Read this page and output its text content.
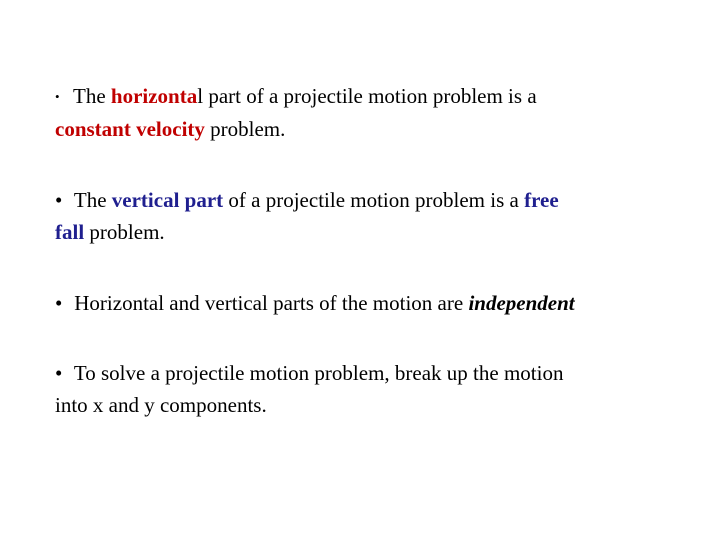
• The horizontal part of a projectile motion problem is a
constant velocity problem.

• The vertical part of a projectile motion problem is a free
fall problem.

• Horizontal and vertical parts of the motion are independent

• To solve a projectile motion problem, break up the motion
into x and y components.
